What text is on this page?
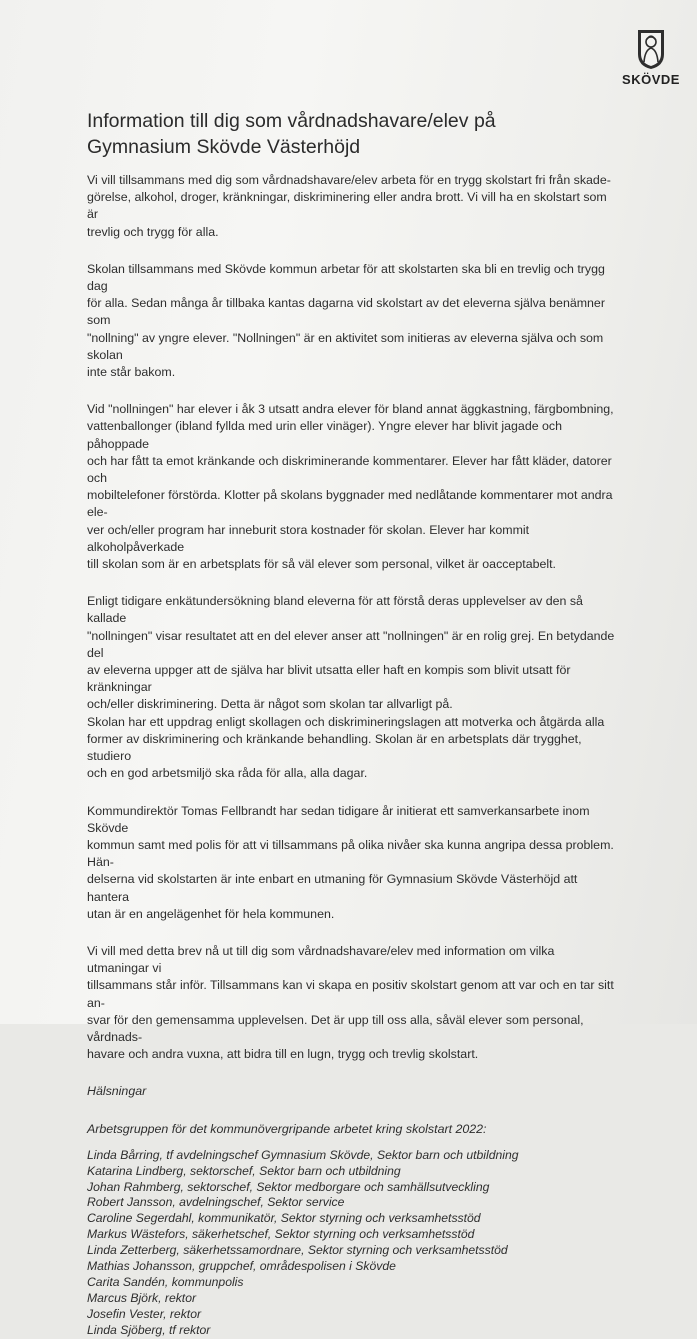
SKÖVDE
Information till dig som vårdnadshavare/elev på
Gymnasium Skövde Västerhöjd

Vi vill tillsammans med dig som vårdnadshavare/elev arbeta för en trygg skolstart fri från skade-
görelse, alkohol, droger, kränkningar, diskriminering eller andra brott. Vi vill ha en skolstart som är
trevlig och trygg för alla.

Skolan tillsammans med Skövde kommun arbetar för att skolstarten ska bli en trevlig och trygg dag
för alla. Sedan många år tillbaka kantas dagarna vid skolstart av det eleverna själva benämner som
"nollning" av yngre elever. "Nollningen" är en aktivitet som initieras av eleverna själva och som skolan
inte står bakom.

Vid "nollningen" har elever i åk 3 utsatt andra elever för bland annat äggkastning, färgbombning,
vattenballonger (ibland fyllda med urin eller vinäger). Yngre elever har blivit jagade och påhoppade
och har fått ta emot kränkande och diskriminerande kommentarer. Elever har fått kläder, datorer och
mobiltelefoner förstörda. Klotter på skolans byggnader med nedlåtande kommentarer mot andra ele-
ver och/eller program har inneburit stora kostnader för skolan. Elever har kommit alkoholpåverkade
till skolan som är en arbetsplats för så väl elever som personal, vilket är oacceptabelt.

Enligt tidigare enkätundersökning bland eleverna för att förstå deras upplevelser av den så kallade
"nollningen" visar resultatet att en del elever anser att "nollningen" är en rolig grej. En betydande del
av eleverna uppger att de själva har blivit utsatta eller haft en kompis som blivit utsatt för kränkningar
och/eller diskriminering. Detta är något som skolan tar allvarligt på.
Skolan har ett uppdrag enligt skollagen och diskrimineringslagen att motverka och åtgärda alla
former av diskriminering och kränkande behandling. Skolan är en arbetsplats där trygghet, studiero
och en god arbetsmiljö ska råda för alla, alla dagar.

Kommundirektör Tomas Fellbrandt har sedan tidigare år initierat ett samverkansarbete inom Skövde
kommun samt med polis för att vi tillsammans på olika nivåer ska kunna angripa dessa problem. Hän-
delserna vid skolstarten är inte enbart en utmaning för Gymnasium Skövde Västerhöjd att hantera
utan är en angelägenhet för hela kommunen.

Vi vill med detta brev nå ut till dig som vårdnadshavare/elev med information om vilka utmaningar vi
tillsammans står inför. Tillsammans kan vi skapa en positiv skolstart genom att var och en tar sitt an-
svar för den gemensamma upplevelsen. Det är upp till oss alla, såväl elever som personal, vårdnads-
havare och andra vuxna, att bidra till en lugn, trygg och trevlig skolstart.

Hälsningar

Arbetsgruppen för det kommunövergripande arbetet kring skolstart 2022:

Linda Bårring, tf avdelningschef Gymnasium Skövde, Sektor barn och utbildning
Katarina Lindberg, sektorschef, Sektor barn och utbildning
Johan Rahmberg, sektorschef, Sektor medborgare och samhällsutveckling
Robert Jansson, avdelningschef, Sektor service
Caroline Segerdahl, kommunikatör, Sektor styrning och verksamhetsstöd
Markus Wästefors, säkerhetschef, Sektor styrning och verksamhetsstöd
Linda Zetterberg, säkerhetssamordnare, Sektor styrning och verksamhetsstöd
Mathias Johansson, gruppchef, områdespolisen i Skövde
Carita Sandén, kommunpolis
Marcus Björk, rektor
Josefin Vester, rektor
Linda Sjöberg, tf rektor
